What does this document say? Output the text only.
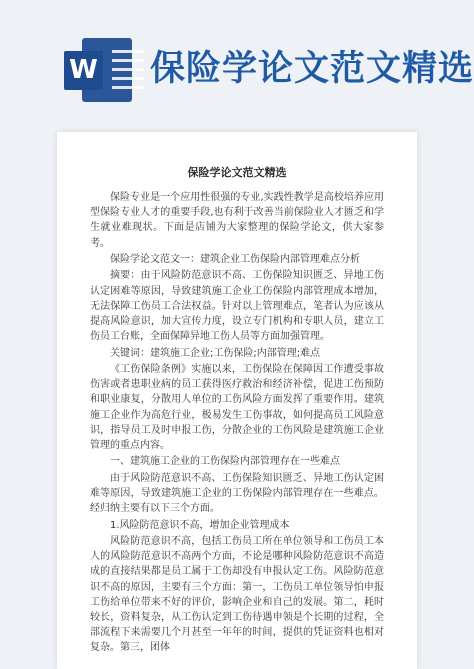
W 保险学论文范文精选
保险学论文范文精选

保险专业是一个应用性很强的专业,实践性教学是高校培养应用型保险专业人才的重要手段,也有利于改善当前保险业人才匮乏和学生就业难现状。下面是店铺为大家整理的保险学论文，供大家参考。

保险学论文范文一：建筑企业工伤保险内部管理难点分析

摘要：由于风险防范意识不高、工伤保险知识匮乏、异地工伤认定困难等原因，导致建筑施工企业工伤保险内部管理成本增加，无法保障工伤员工合法权益。针对以上管理难点，笔者认为应该从提高风险意识，加大宣传力度，设立专门机构和专职人员，建立工伤员工台账，全面保障异地工伤人员等方面加强管理。

关键词：建筑施工企业;工伤保险;内部管理;难点

《工伤保险条例》实施以来，工伤保险在保障因工作遭受事故伤害或者患职业病的员工获得医疗救治和经济补偿，促进工伤预防和职业康复，分散用人单位的工伤风险方面发挥了重要作用。建筑施工企业作为高危行业，极易发生工伤事故，如何提高员工风险意识，指导员工及时申报工伤，分散企业的工伤风险是建筑施工企业管理的重点内容。

一、建筑施工企业的工伤保险内部管理存在一些难点

由于风险防范意识不高、工伤保险知识匮乏、异地工伤认定困难等原因，导致建筑施工企业的工伤保险内部管理存在一些难点。经归纳主要有以下三个方面。

1.风险防范意识不高，增加企业管理成本

风险防范意识不高，包括工伤员工所在单位领导和工伤员工本人的风险防范意识不高两个方面，不论是哪种风险防范意识不高造成的直接结果都是员工属于工伤却没有申报认定工伤。风险防范意识不高的原因，主要有三个方面：第一，工伤员工单位领导怕申报工伤给单位带来不好的评价，影响企业和自己的发展。第二，耗时较长，资料复杂，从工伤认定到工伤待遇申领是个长期的过程，全部流程下来需要几个月甚至一年年的时间，提供的凭证资料也相对复杂。第三，团体
